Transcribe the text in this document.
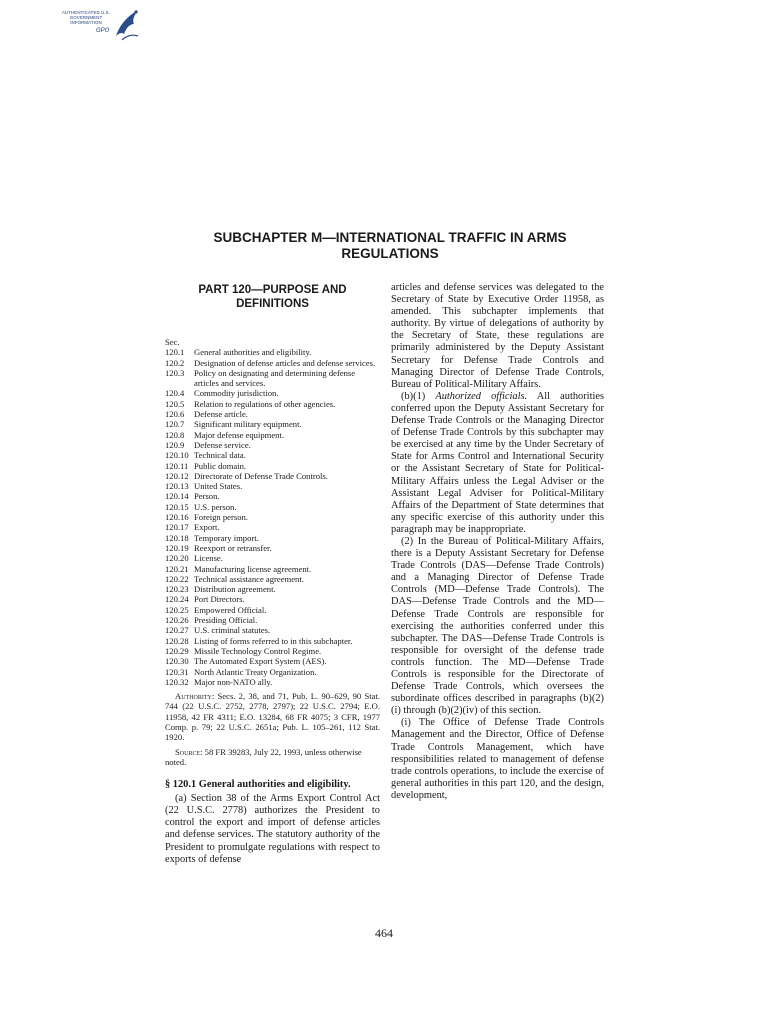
AUTHENTICATED U.S. GOVERNMENT INFORMATION
GPO
SUBCHAPTER M—INTERNATIONAL TRAFFIC IN ARMS REGULATIONS
PART 120—PURPOSE AND DEFINITIONS
Sec.
120.1	General authorities and eligibility.
120.2	Designation of defense articles and defense services.
120.3	Policy on designating and determining defense articles and services.
120.4	Commodity jurisdiction.
120.5	Relation to regulations of other agencies.
120.6	Defense article.
120.7	Significant military equipment.
120.8	Major defense equipment.
120.9	Defense service.
120.10 Technical data.
120.11 Public domain.
120.12 Directorate of Defense Trade Controls.
120.13 United States.
120.14 Person.
120.15 U.S. person.
120.16 Foreign person.
120.17 Export.
120.18 Temporary import.
120.19 Reexport or retransfer.
120.20 License.
120.21 Manufacturing license agreement.
120.22 Technical assistance agreement.
120.23 Distribution agreement.
120.24 Port Directors.
120.25 Empowered Official.
120.26 Presiding Official.
120.27 U.S. criminal statutes.
120.28 Listing of forms referred to in this subchapter.
120.29 Missile Technology Control Regime.
120.30 The Automated Export System (AES).
120.31 North Atlantic Treaty Organization.
120.32 Major non-NATO ally.

Authority: Secs. 2, 38, and 71, Pub. L. 90–629, 90 Stat. 744 (22 U.S.C. 2752, 2778, 2797); 22 U.S.C. 2794; E.O. 11958, 42 FR 4311; E.O. 13284, 68 FR 4075; 3 CFR, 1977 Comp. p. 79; 22 U.S.C. 2651a; Pub. L. 105–261, 112 Stat. 1920.

Source: 58 FR 39283, July 22, 1993, unless otherwise noted.

§ 120.1 General authorities and eligibility.

(a) Section 38 of the Arms Export Control Act (22 U.S.C. 2778) authorizes the President to control the export and import of defense articles and defense services. The statutory authority of the President to promulgate regulations with respect to exports of defense

articles and defense services was delegated to the Secretary of State by Executive Order 11958, as amended. This subchapter implements that authority. By virtue of delegations of authority by the Secretary of State, these regulations are primarily administered by the Deputy Assistant Secretary for Defense Trade Controls and Managing Director of Defense Trade Controls, Bureau of Political-Military Affairs.

(b)(1) Authorized officials. All authorities conferred upon the Deputy Assistant Secretary for Defense Trade Controls or the Managing Director of Defense Trade Controls by this subchapter may be exercised at any time by the Under Secretary of State for Arms Control and International Security or the Assistant Secretary of State for Political-Military Affairs unless the Legal Adviser or the Assistant Legal Adviser for Political-Military Affairs of the Department of State determines that any specific exercise of this authority under this paragraph may be inappropriate.

(2) In the Bureau of Political-Military Affairs, there is a Deputy Assistant Secretary for Defense Trade Controls (DAS—Defense Trade Controls) and a Managing Director of Defense Trade Controls (MD—Defense Trade Controls). The DAS—Defense Trade Controls and the MD—Defense Trade Controls are responsible for exercising the authorities conferred under this subchapter. The DAS—Defense Trade Controls is responsible for oversight of the defense trade controls function. The MD—Defense Trade Controls is responsible for the Directorate of Defense Trade Controls, which oversees the subordinate offices described in paragraphs (b)(2)(i) through (b)(2)(iv) of this section.

(i) The Office of Defense Trade Controls Management and the Director, Office of Defense Trade Controls Management, which have responsibilities related to management of defense trade controls operations, to include the exercise of general authorities in this part 120, and the design, development,

464
